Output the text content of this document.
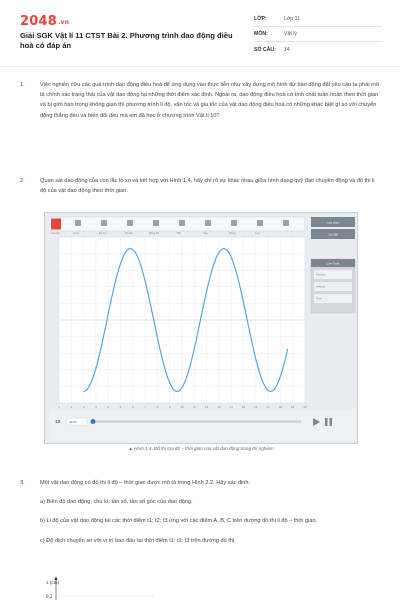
2048.vn
Giải SGK Vật lí 11 CTST Bài 2. Phương trình dao động điều hoà có đáp án
LỚP:	Lớp 11
MÔN:	Vật lý
SỐ CÂU:	14
1.	Việc nghiên cứu các quá trình dao động điều hoà để ứng dụng vào thực tiễn như xây dựng mô hình dự báo động đất yêu cầu ta phải mô tả chính xác trạng thái của vật dao động tại những thời điểm xác định. Ngoài ra, dao động điều hoà có tính chất tuần hoàn theo thời gian và bị giới hạn trong không gian thì phương trình li độ, vận tốc và gia tốc của vật dao động điều hoà có những khác biệt gì so với chuyển động thẳng đều và biến đổi đều mà em đã học ở chương trình Vật lí 10?
2.	Quan sát dao động của con lắc lò xo và kết hợp với Hình 1.4, hãy chỉ rõ sự khác nhau giữa hình dạng quỹ đạo chuyển động và đồ thị li độ của vật dao động theo thời gian.
Con lắc	Lò xo	Đo lực	Thước	Đồng hồ	Bút	Xóa	Dừng	Lưu
Lựa chọn
Cài đặt
Live Data
Position
Velocity
Time
0	1	2	3	4	5	6	7	8	9	10	11	12	13	14	15	16	17	18	19	20
1X	00:00
▲ Hình 1.4. Đồ thị tọa độ – thời gian của vật dao động trong thí nghiệm
3.	Một vật dao động có đồ thị li độ – thời gian được mô tả trong Hình 2.2. Hãy xác định:
a) Biên độ dao động, chu kì, tần số, tần số góc của dao động.
b) Li độ của vật dao động tại các thời điểm t1; t2; t3 ứng với các điểm A, B, C trên đường đồ thị li độ – thời gian.
c) Độ dịch chuyển so với vị trí ban đầu tại thời điểm t1; t2; t3 trên đường đồ thị.
x (cm)
0,2
